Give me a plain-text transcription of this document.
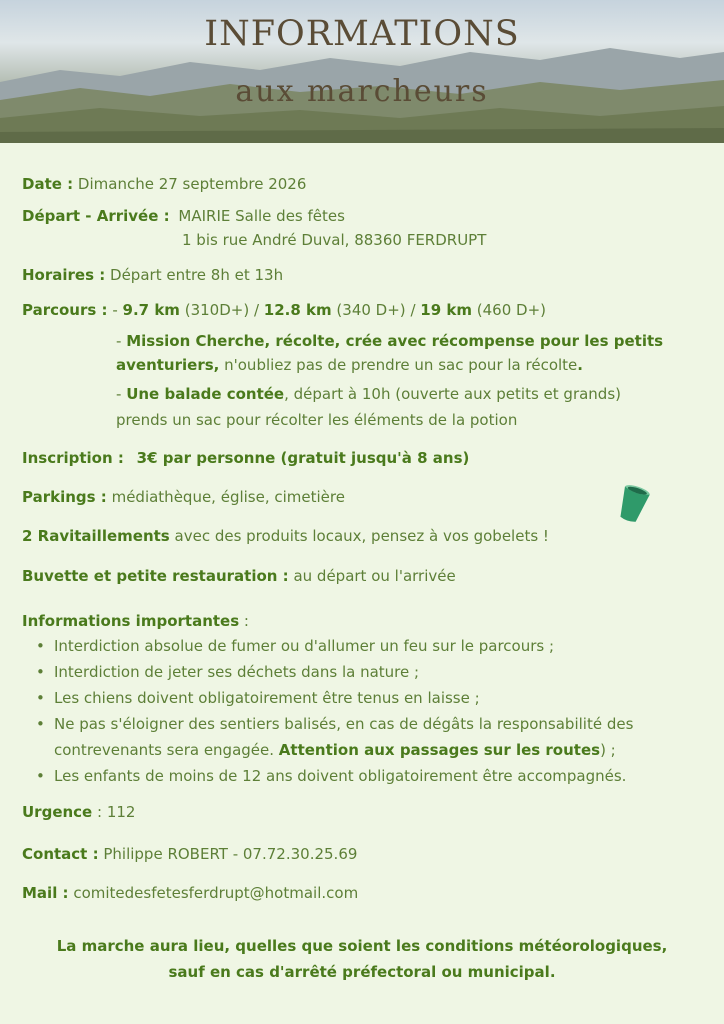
INFORMATIONS
aux marcheurs
Date : Dimanche 27 septembre 2026
Départ - Arrivée : MAIRIE Salle des fêtes
1 bis rue André Duval, 88360 FERDRUPT
Horaires : Départ entre 8h et 13h
Parcours : - 9.7 km (310D+) / 12.8 km (340 D+) / 19 km (460 D+)
- Mission Cherche, récolte, crée avec récompense pour les petits
aventuriers, n'oubliez pas de prendre un sac pour la récolte.
- Une balade contée, départ à 10h (ouverte aux petits et grands)
prends un sac pour récolter les éléments de la potion
Inscription : 3€ par personne (gratuit jusqu'à 8 ans)
Parkings : médiathèque, église, cimetière
2 Ravitaillements avec des produits locaux, pensez à vos gobelets !
Buvette et petite restauration : au départ ou l'arrivée
Informations importantes :
• Interdiction absolue de fumer ou d'allumer un feu sur le parcours ;
• Interdiction de jeter ses déchets dans la nature ;
• Les chiens doivent obligatoirement être tenus en laisse ;
• Ne pas s'éloigner des sentiers balisés, en cas de dégâts la responsabilité des
contrevenants sera engagée. Attention aux passages sur les routes) ;
• Les enfants de moins de 12 ans doivent obligatoirement être accompagnés.
Urgence : 112
Contact : Philippe ROBERT - 07.72.30.25.69
Mail : comitedesfetesferdrupt@hotmail.com
La marche aura lieu, quelles que soient les conditions météorologiques,
sauf en cas d'arrêté préfectoral ou municipal.
